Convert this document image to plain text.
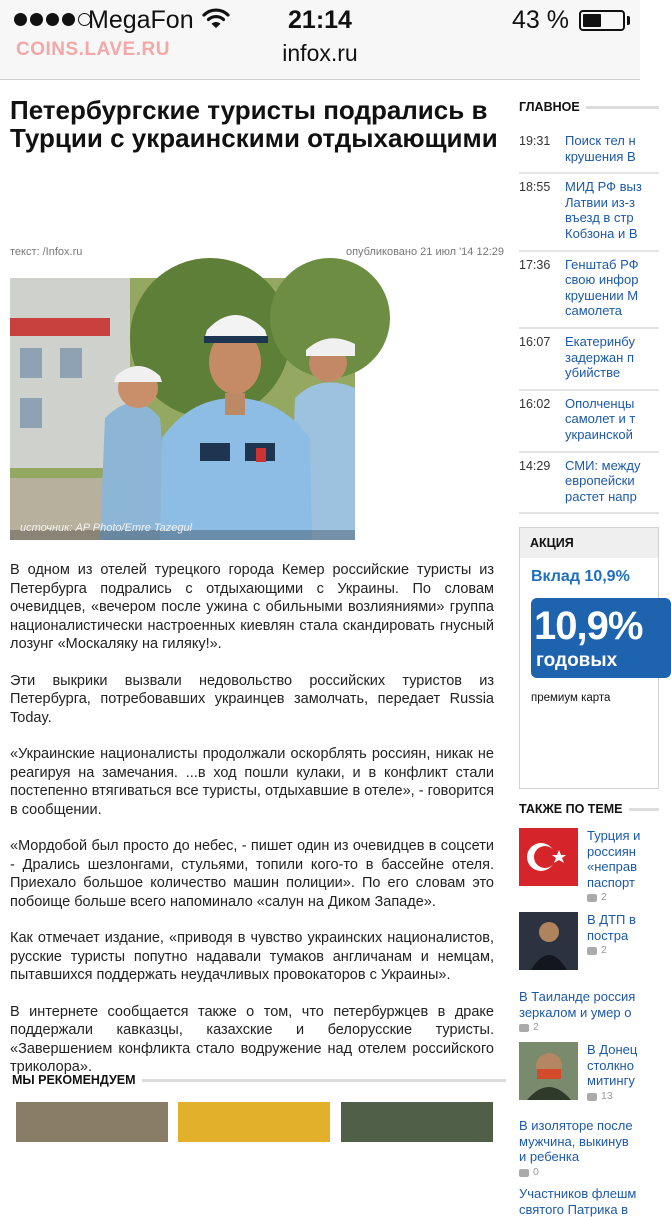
MegaFon	21:14	43 %
COINS.LAVE.RU	infox.ru
Петербургские туристы подрались в Турции с украинскими отдыхающими
текст: /Infox.ru	опубликовано 21 июл '14 12:29
источник: AP Photo/Emre Tazegul

В одном из отелей турецкого города Кемер российские туристы из Петербурга подрались с отдыхающими с Украины. По словам очевидцев, «вечером после ужина с обильными возлияниями» группа националистически настроенных киевлян стала скандировать гнусный лозунг «Москаляку на гиляку!».

Эти выкрики вызвали недовольство российских туристов из Петербурга, потребовавших украинцев замолчать, передает Russia Today.

«Украинские националисты продолжали оскорблять россиян, никак не реагируя на замечания. ...в ход пошли кулаки, и в конфликт стали постепенно втягиваться все туристы, отдыхавшие в отеле», - говорится в сообщении.

«Мордобой был просто до небес, - пишет один из очевидцев в соцсети - Дрались шезлонгами, стульями, топили кого-то в бассейне отеля. Приехало большое количество машин полиции». По его словам это побоище больше всего напоминало «салун на Диком Западе».

Как отмечает издание, «приводя в чувство украинских националистов, русские туристы попутно надавали тумаков англичанам и немцам, пытавшихся поддержать неудачливых провокаторов с Украины».

В интернете сообщается также о том, что петербуржцев в драке поддержали кавказцы, казахские и белорусские туристы. «Завершением конфликта стало водружение над отелем российского триколора».

МЫ РЕКОМЕНДУЕМ
ГЛАВНОЕ
19:31	Поиск тел н
крушения В
18:55	МИД РФ выз
Латвии из-з
въезд в стр
Кобзона и В
17:36	Генштаб РФ
свою инфор
крушении М
самолета
16:07	Екатеринбу
задержан п
убийстве
16:02	Ополченцы
самолет и т
украинской
14:29	СМИ: между
европейски
растет напр
АКЦИЯ
Вклад 10,9%
10,9%
годовых
премиум карта
ТАКЖЕ ПО ТЕМЕ
Турция и
россиян
«неправ
паспорт
2
В ДТП в
постра
2
В Таиланде россия
зеркалом и умер о
2
В Донец
столкно
митингу
13
В изоляторе после
мужчина, выкинув
и ребенка
0
Участников флешм
святого Патрика в
